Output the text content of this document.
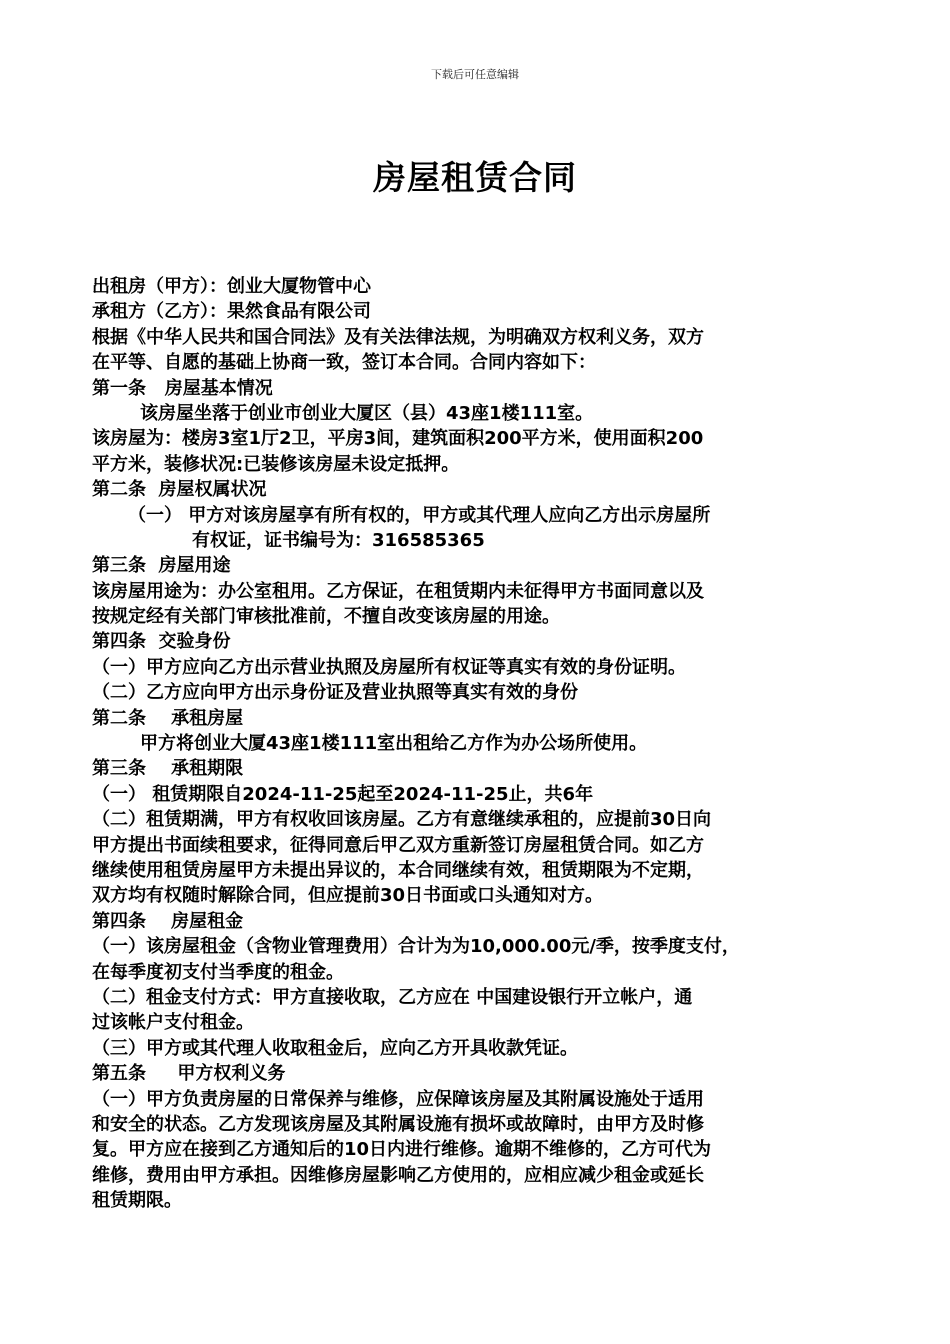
下载后可任意编辑
房屋租赁合同
出租房（甲方）：创业大厦物管中心
承租方（乙方）：果然食品有限公司
根据《中华人民共和国合同法》及有关法律法规，为明确双方权利义务，双方
在平等、自愿的基础上协商一致，签订本合同。合同内容如下：
第一条   房屋基本情况
该房屋坐落于创业市创业大厦区（县）43座1楼111室。
该房屋为：楼房3室1厅2卫，平房3间，建筑面积200平方米，使用面积200
平方米，装修状况:已装修该房屋未设定抵押。
第二条  房屋权属状况
（一） 甲方对该房屋享有所有权的，甲方或其代理人应向乙方出示房屋所
有权证，证书编号为：316585365
第三条  房屋用途
该房屋用途为：办公室租用。乙方保证，在租赁期内未征得甲方书面同意以及
按规定经有关部门审核批准前，不擅自改变该房屋的用途。
第四条  交验身份
（一）甲方应向乙方出示营业执照及房屋所有权证等真实有效的身份证明。
（二）乙方应向甲方出示身份证及营业执照等真实有效的身份
第二条    承租房屋
甲方将创业大厦43座1楼111室出租给乙方作为办公场所使用。
第三条    承租期限
（一） 租赁期限自2024-11-25起至2024-11-25止，共6年
（二）租赁期满，甲方有权收回该房屋。乙方有意继续承租的，应提前30日向
甲方提出书面续租要求，征得同意后甲乙双方重新签订房屋租赁合同。如乙方
继续使用租赁房屋甲方未提出异议的，本合同继续有效，租赁期限为不定期，
双方均有权随时解除合同，但应提前30日书面或口头通知对方。
第四条    房屋租金
（一）该房屋租金（含物业管理费用）合计为为10,000.00元/季，按季度支付，
在每季度初支付当季度的租金。
（二）租金支付方式：甲方直接收取，乙方应在 中国建设银行开立帐户，通
过该帐户支付租金。
（三）甲方或其代理人收取租金后，应向乙方开具收款凭证。
第五条     甲方权利义务
（一）甲方负责房屋的日常保养与维修，应保障该房屋及其附属设施处于适用
和安全的状态。乙方发现该房屋及其附属设施有损坏或故障时，由甲方及时修
复。甲方应在接到乙方通知后的10日内进行维修。逾期不维修的，乙方可代为
维修，费用由甲方承担。因维修房屋影响乙方使用的，应相应减少租金或延长
租赁期限。
